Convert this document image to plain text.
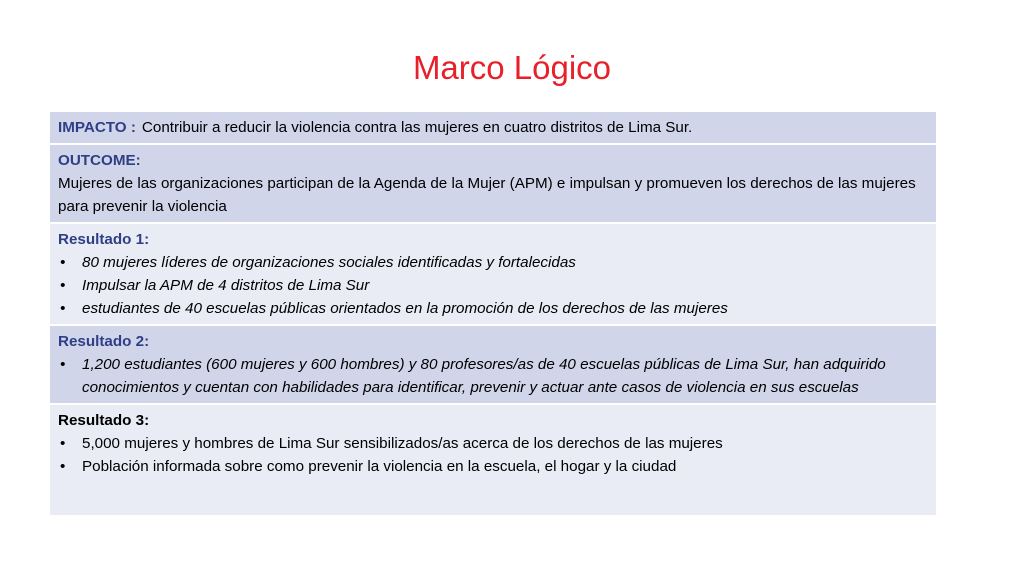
Marco Lógico
IMPACTO : Contribuir a reducir la violencia contra las mujeres en cuatro distritos de Lima Sur.
OUTCOME:
Mujeres de las organizaciones participan de la Agenda de la Mujer (APM) e impulsan y promueven los derechos de las mujeres para prevenir la violencia
Resultado 1:
• 80 mujeres líderes de organizaciones sociales identificadas y fortalecidas
• Impulsar la APM de 4 distritos de Lima Sur
• estudiantes de 40 escuelas públicas orientados en la promoción de los derechos de las mujeres
Resultado 2:
• 1,200 estudiantes (600 mujeres y 600 hombres) y 80 profesores/as de 40 escuelas públicas de Lima Sur, han adquirido conocimientos y cuentan con habilidades para identificar, prevenir y actuar ante casos de violencia en sus escuelas
Resultado 3:
• 5,000 mujeres y hombres de Lima Sur sensibilizados/as acerca de los derechos de las mujeres
• Población informada sobre como prevenir la violencia en la escuela, el hogar y la ciudad
